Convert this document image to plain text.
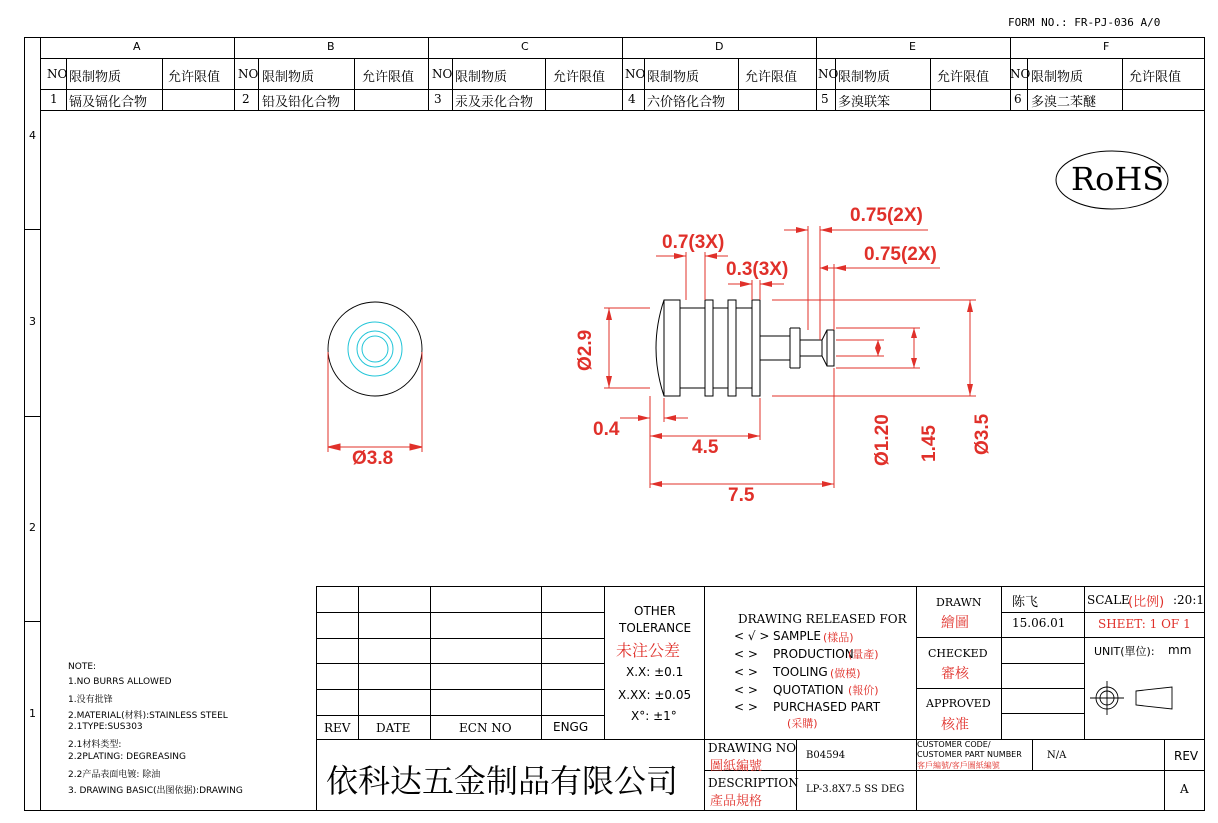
FORM NO.: FR-PJ-036 A/0
A	B	C	D	E	F
4
3
2
1
NO 限制物质	允许限值 NO 限制物质	允许限值 NO 限制物质	允许限值 NO 限制物质	允许限值 NO 限制物质	允许限值 NO 限制物质	允许限值
1 镉及镉化合物	2 铅及铅化合物	3 汞及汞化合物	4 六价铬化合物	5 多溴联笨	6 多溴二苯醚
RoHS
Ø3.8
Ø2.9
0.7(3X)
0.3(3X)
0.75(2X)
0.75(2X)
0.4
4.5
7.5
Ø1.20 1.45 Ø3.5
NOTE:
1.NO BURRS ALLOWED
1.没有批锋
2.MATERIAL(材料):STAINLESS STEEL
2.1TYPE:SUS303
2.1材料类型:
2.2PLATING: DEGREASING
2.2产品表面电镀: 除油
3. DRAWING BASIC(出图依据):DRAWING
REV DATE	ECN NO	ENGG
OTHER
TOLERANCE
未注公差
X.X: ±0.1
X.XX: ±0.05
X°: ±1°
DRAWING RELEASED FOR
< √ > SAMPLE (樣品)
< > PRODUCTION
(量產)
< > TOOLING (做模)
< > QUOTATION (報价)
< > PURCHASED PART
(采購)
DRAWN
繪圖
陈飞
15.06.01
CHECKED
審核
APPROVED
核准
SCALE
(比例) :20:1
SHEET: 1 OF 1
UNIT(單位): mm
依科达五金制品有限公司
DRAWING NO
圖紙編號
B04594
DESCRIPTION
產品規格
LP-3.8X7.5 SS DEG
CUSTOMER CODE/
CUSTOMER PART NUMBER
客戶編號/客戶圖紙編號
N/A	REV
A
